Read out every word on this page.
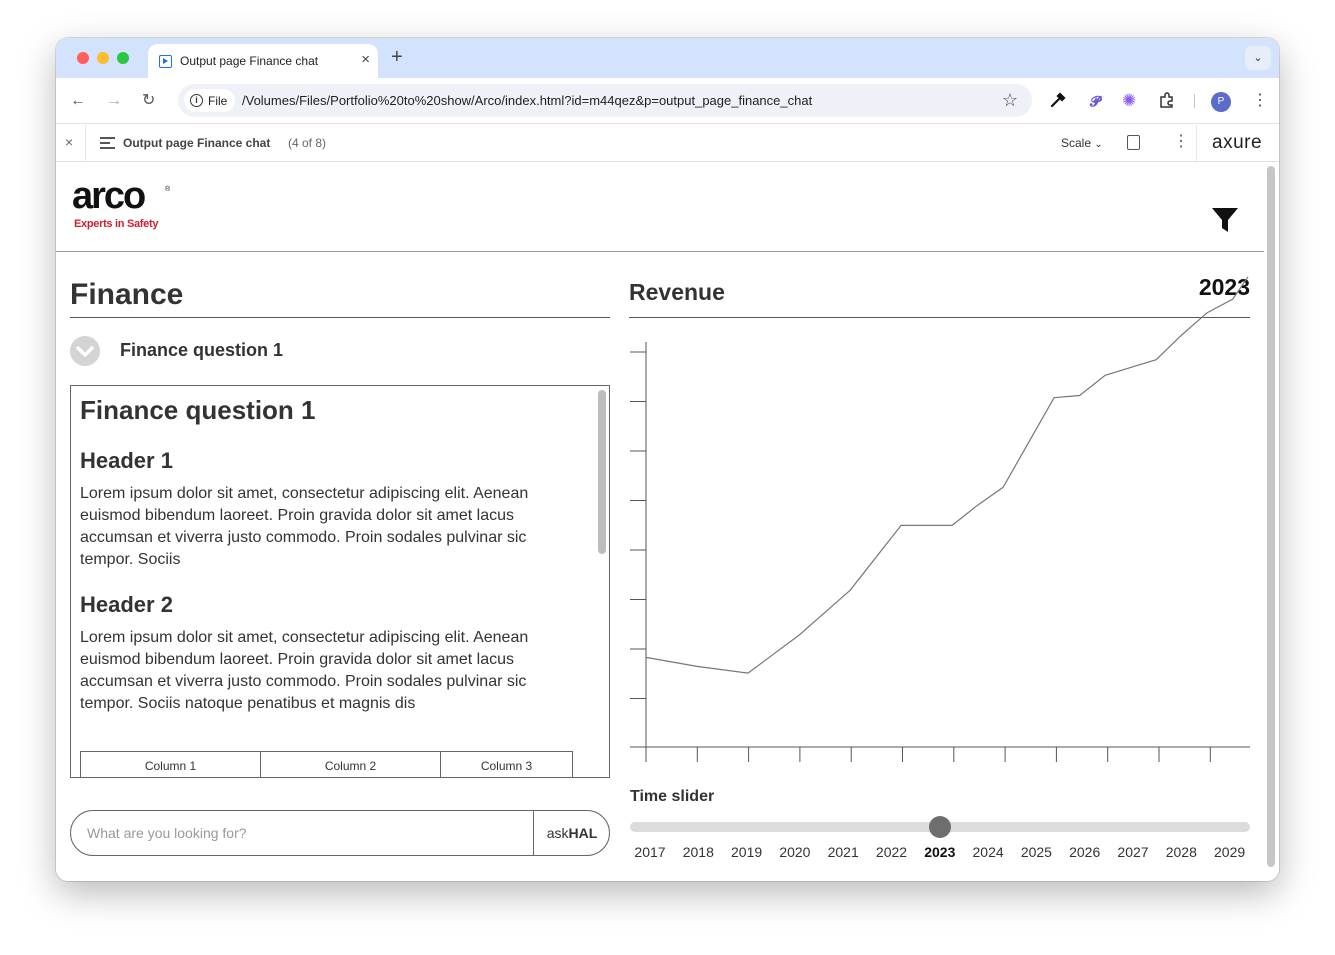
Output page Finance chat	× +	⌄
← → ↻	i File /Volumes/Files/Portfolio%20to%20show/Arco/index.html?id=m44qez&p=output_page_finance_chat	☆	𝓟 ✺	P	⋮
×	Output page Finance chat (4 of 8)	Scale ⌄	⋮ axure
arco	®
Experts in Safety
Finance
Finance question 1
Finance question 1
Header 1
Lorem ipsum dolor sit amet, consectetur adipiscing elit. Aenean euismod bibendum laoreet. Proin gravida dolor sit amet lacus accumsan et viverra justo commodo. Proin sodales pulvinar sic tempor. Sociis
Header 2
Lorem ipsum dolor sit amet, consectetur adipiscing elit. Aenean euismod bibendum laoreet. Proin gravida dolor sit amet lacus accumsan et viverra justo commodo. Proin sodales pulvinar sic tempor. Sociis natoque penatibus et magnis dis
Column 1	Column 2	Column 3
What are you looking for?
askHAL
Revenue	2023
Time slider
2017	2018	2019	2020	2021	2022	2023	2024	2025	2026	2027	2028	2029
